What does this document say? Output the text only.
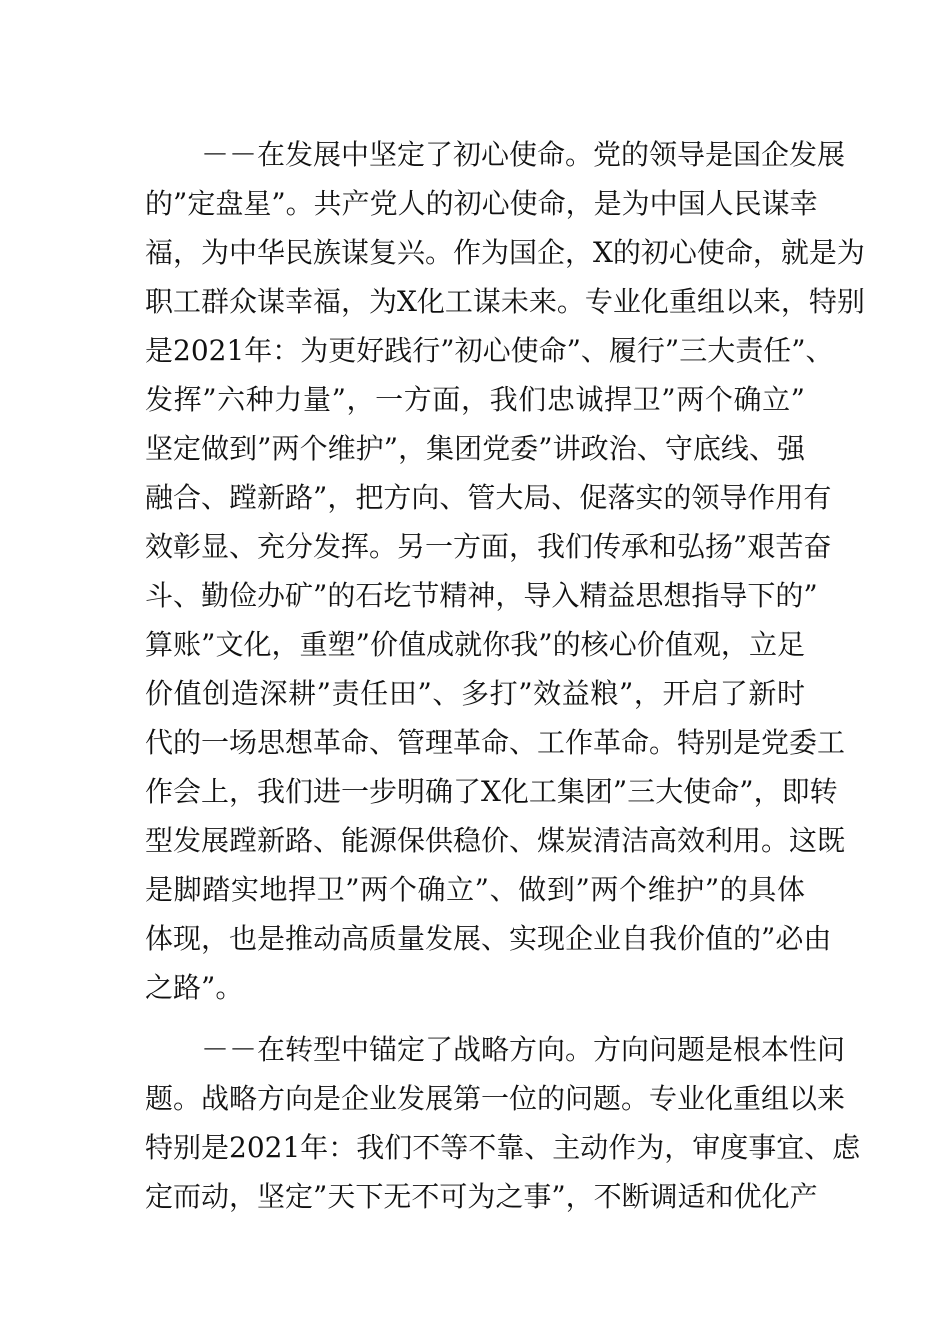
－－在发展中坚定了初心使命。党的领导是国企发展
的”定盘星”。共产党人的初心使命，是为中国人民谋幸
福，为中华民族谋复兴。作为国企，X的初心使命，就是为
职工群众谋幸福，为X化工谋未来。专业化重组以来，特别
是2021年：为更好践行”初心使命”、履行”三大责任”、
发挥”六种力量”，一方面，我们忠诚捍卫”两个确立”
坚定做到”两个维护”，集团党委”讲政治、守底线、强
融合、蹚新路”，把方向、管大局、促落实的领导作用有
效彰显、充分发挥。另一方面，我们传承和弘扬”艰苦奋
斗、勤俭办矿”的石圪节精神，导入精益思想指导下的”
算账”文化，重塑”价值成就你我”的核心价值观，立足
价值创造深耕”责任田”、多打”效益粮”，开启了新时
代的一场思想革命、管理革命、工作革命。特别是党委工
作会上，我们进一步明确了X化工集团”三大使命”，即转
型发展蹚新路、能源保供稳价、煤炭清洁高效利用。这既
是脚踏实地捍卫”两个确立”、做到”两个维护”的具体
体现，也是推动高质量发展、实现企业自我价值的”必由
之路”。
－－在转型中锚定了战略方向。方向问题是根本性问
题。战略方向是企业发展第一位的问题。专业化重组以来
特别是2021年：我们不等不靠、主动作为，审度事宜、虑
定而动，坚定”天下无不可为之事”，不断调适和优化产
